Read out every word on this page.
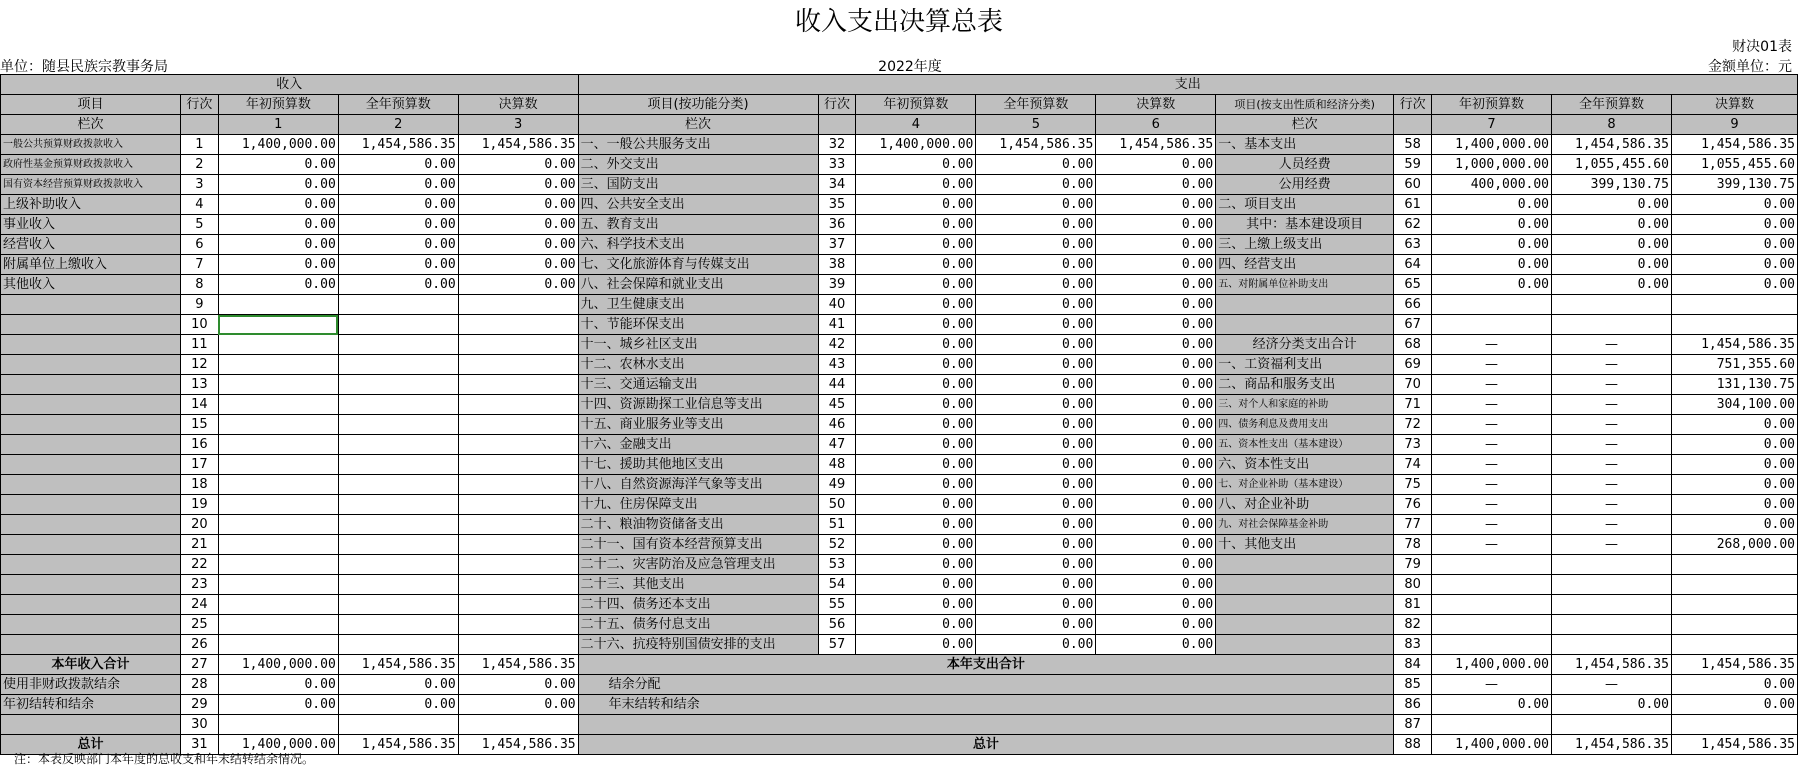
收入支出决算总表
财决01表
单位：随县民族宗教事务局	2022年度	金额单位：元
收入					支出									
项目	行次	年初预算数	全年预算数	决算数	项目(按功能分类)	行次	年初预算数	全年预算数	决算数	项目(按支出性质和经济分类)	行次	年初预算数	全年预算数	决算数
栏次		1	2	3	栏次		4	5	6	栏次		7	8	9
一般公共预算财政拨款收入	1	1,400,000.00	1,454,586.35	1,454,586.35	一、一般公共服务支出	32	1,400,000.00	1,454,586.35	1,454,586.35	一、基本支出	58	1,400,000.00	1,454,586.35	1,454,586.35
政府性基金预算财政拨款收入	2	0.00	0.00	0.00	二、外交支出	33	0.00	0.00	0.00	人员经费	59	1,000,000.00	1,055,455.60	1,055,455.60
国有资本经营预算财政拨款收入	3	0.00	0.00	0.00	三、国防支出	34	0.00	0.00	0.00	公用经费	60	400,000.00	399,130.75	399,130.75
上级补助收入	4	0.00	0.00	0.00	四、公共安全支出	35	0.00	0.00	0.00	二、项目支出	61	0.00	0.00	0.00
事业收入	5	0.00	0.00	0.00	五、教育支出	36	0.00	0.00	0.00	其中：基本建设项目	62	0.00	0.00	0.00
经营收入	6	0.00	0.00	0.00	六、科学技术支出	37	0.00	0.00	0.00	三、上缴上级支出	63	0.00	0.00	0.00
附属单位上缴收入	7	0.00	0.00	0.00	七、文化旅游体育与传媒支出	38	0.00	0.00	0.00	四、经营支出	64	0.00	0.00	0.00
其他收入	8	0.00	0.00	0.00	八、社会保障和就业支出	39	0.00	0.00	0.00	五、对附属单位补助支出	65	0.00	0.00	0.00
	9				九、卫生健康支出	40	0.00	0.00	0.00		66			
	10				十、节能环保支出	41	0.00	0.00	0.00		67			
	11				十一、城乡社区支出	42	0.00	0.00	0.00	经济分类支出合计	68	—	—	1,454,586.35
	12				十二、农林水支出	43	0.00	0.00	0.00	一、工资福利支出	69	—	—	751,355.60
	13				十三、交通运输支出	44	0.00	0.00	0.00	二、商品和服务支出	70	—	—	131,130.75
	14				十四、资源勘探工业信息等支出	45	0.00	0.00	0.00	三、对个人和家庭的补助	71	—	—	304,100.00
	15				十五、商业服务业等支出	46	0.00	0.00	0.00	四、债务利息及费用支出	72	—	—	0.00
	16				十六、金融支出	47	0.00	0.00	0.00	五、资本性支出（基本建设）	73	—	—	0.00
	17				十七、援助其他地区支出	48	0.00	0.00	0.00	六、资本性支出	74	—	—	0.00
	18				十八、自然资源海洋气象等支出	49	0.00	0.00	0.00	七、对企业补助（基本建设）	75	—	—	0.00
	19				十九、住房保障支出	50	0.00	0.00	0.00	八、对企业补助	76	—	—	0.00
	20				二十、粮油物资储备支出	51	0.00	0.00	0.00	九、对社会保障基金补助	77	—	—	0.00
	21				二十一、国有资本经营预算支出	52	0.00	0.00	0.00	十、其他支出	78	—	—	268,000.00
	22				二十二、灾害防治及应急管理支出	53	0.00	0.00	0.00		79			
	23				二十三、其他支出	54	0.00	0.00	0.00		80			
	24				二十四、债务还本支出	55	0.00	0.00	0.00		81			
	25				二十五、债务付息支出	56	0.00	0.00	0.00		82			
	26				二十六、抗疫特别国债安排的支出	57	0.00	0.00	0.00		83			
本年收入合计	27	1,400,000.00	1,454,586.35	1,454,586.35	本年支出合计						84	1,400,000.00	1,454,586.35	1,454,586.35
使用非财政拨款结余	28	0.00	0.00	0.00	结余分配						85	—	—	0.00
年初结转和结余	29	0.00	0.00	0.00	年末结转和结余						86	0.00	0.00	0.00
	30										87			
总计	31	1,400,000.00	1,454,586.35	1,454,586.35	总计						88	1,400,000.00	1,454,586.35	1,454,586.35
注：本表反映部门本年度的总收支和年末结转结余情况。
